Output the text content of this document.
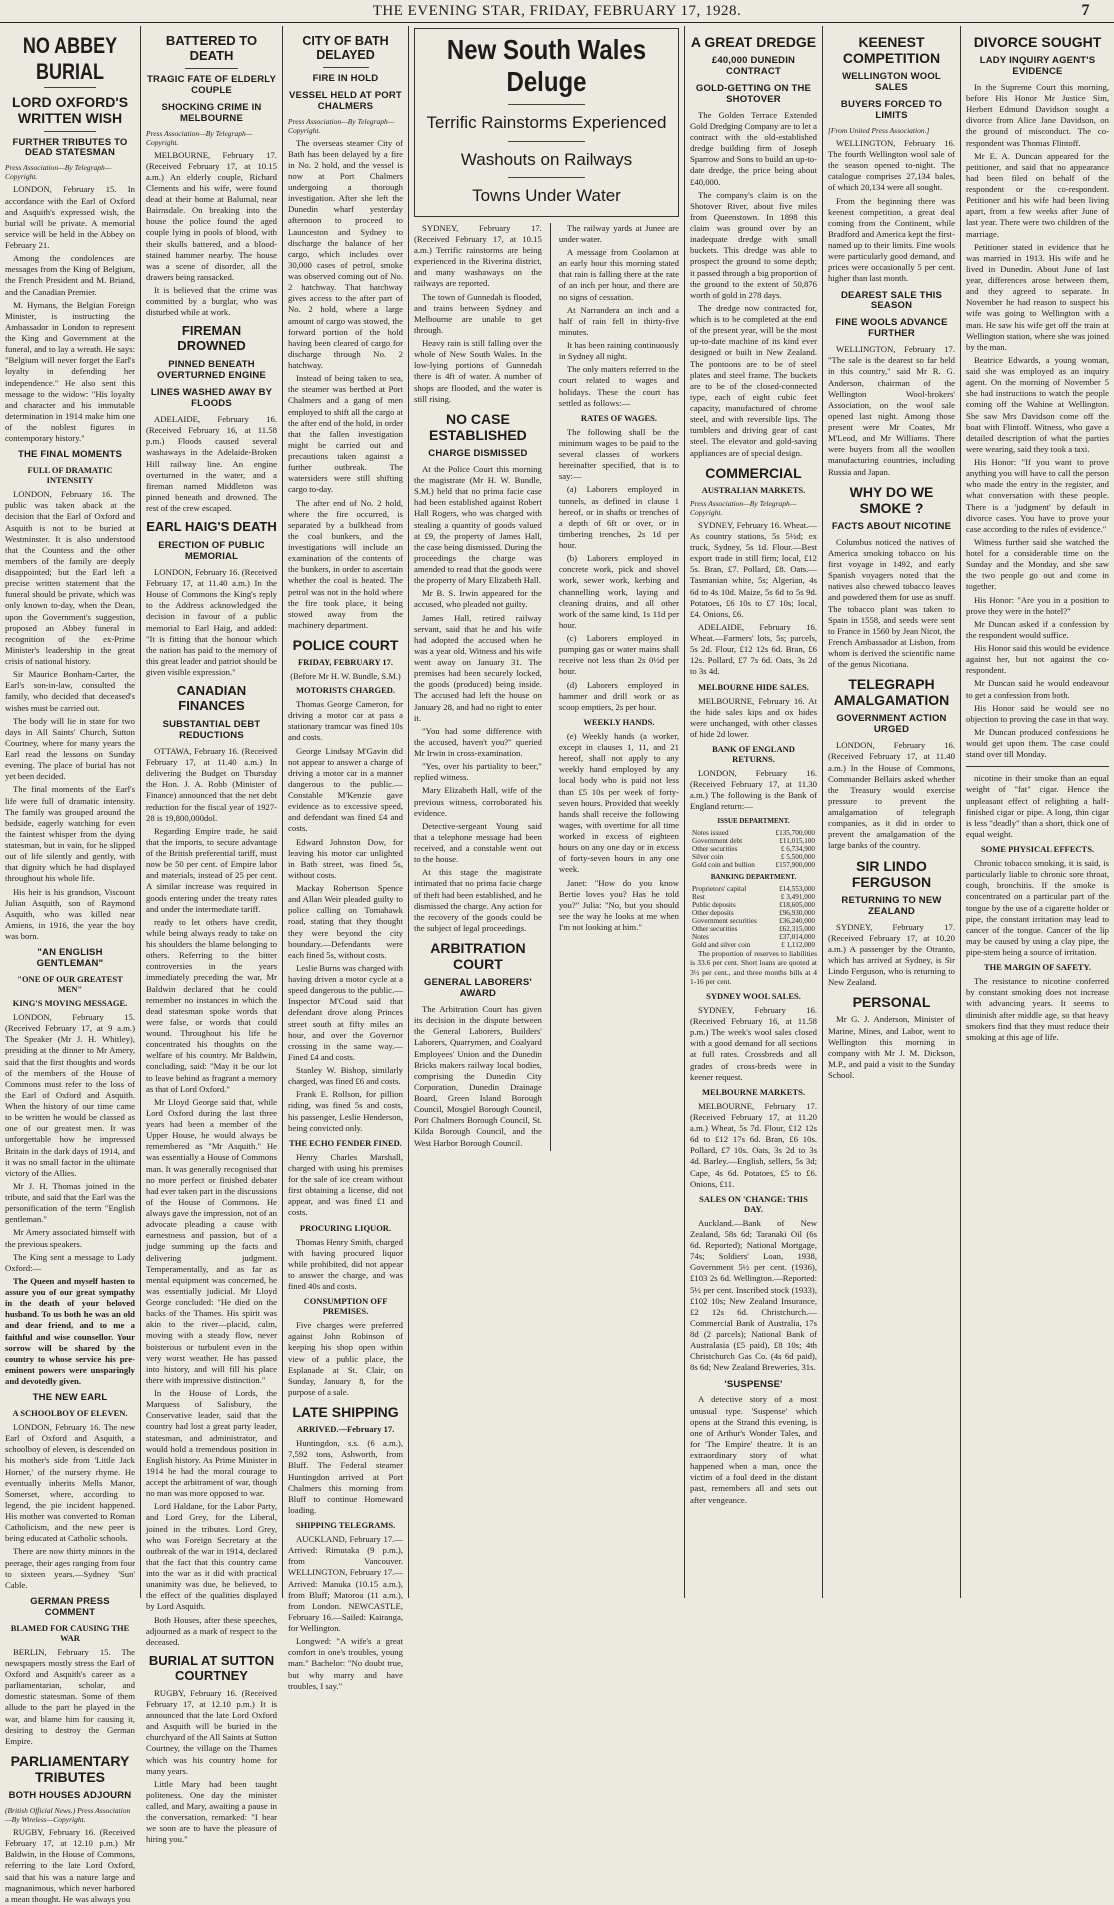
THE EVENING STAR, FRIDAY, FEBRUARY 17, 1928.	7
NO ABBEY BURIAL
LORD OXFORD'S WRITTEN WISH
FURTHER TRIBUTES TO DEAD STATESMAN
Press Association—By Telegraph—Copyright.

LONDON, February 15. In accordance with the Earl of Oxford and Asquith's expressed wish, the burial will be private. A memorial service will be held in the Abbey on February 21.

Among the condolences are messages from the King of Belgium, the French President and M. Briand, and the Canadian Premier.

M. Hymans, the Belgian Foreign Minister, is instructing the Ambassador in London to represent the King and Government at the funeral, and to lay a wreath. He says: "Belgium will never forget the Earl's loyalty in defending her independence." He also sent this message to the widow: "His loyalty and character and his immutable determination in 1914 make him one of the noblest figures in contemporary history."

THE FINAL MOMENTS
FULL OF DRAMATIC INTENSITY

LONDON, February 16. The public was taken aback at the decision that the Earl of Oxford and Asquith is not to be buried at Westminster. It is also understood that the Countess and the other members of the family are deeply disappointed; but the Earl left a precise written statement that the funeral should be private, which was only known to-day, when the Dean, upon the Government's suggestion, proposed an Abbey funeral in recognition of the ex-Prime Minister's leadership in the great crisis of national history.

Sir Maurice Bonham-Carter, the Earl's son-in-law, consulted the family, who decided that deceased's wishes must be carried out.

The body will lie in state for two days in All Saints' Church, Sutton Courtney, where for many years the Earl read the lessons on Sunday evening. The place of burial has not yet been decided.

The final moments of the Earl's life were full of dramatic intensity. The family was grouped around the bedside, eagerly watching for even the faintest whisper from the dying statesman, but in vain, for he slipped out of life silently and gently, with that dignity which he had displayed throughout his whole life.

His heir is his grandson, Viscount Julian Asquith, son of Raymond Asquith, who was killed near Amiens, in 1916, the year the boy was born.

"AN ENGLISH GENTLEMAN"
"ONE OF OUR GREATEST MEN"
KING'S MOVING MESSAGE.

LONDON, February 15. (Received February 17, at 9 a.m.) The Speaker (Mr J. H. Whitley), presiding at the dinner to Mr Amery, said that the first thoughts and words of the members of the House of Commons must refer to the loss of the Earl of Oxford and Asquith. When the history of our time came to be written he would be classed as one of our greatest men. It was unforgettable how he impressed Britain in the dark days of 1914, and it was no small factor in the ultimate victory of the Allies.

Mr J. H. Thomas joined in the tribute, and said that the Earl was the personification of the term "English gentleman."

Mr Amery associated himself with the previous speakers.

The King sent a message to Lady Oxford:—

The Queen and myself hasten to assure you of our great sympathy in the death of your beloved husband. To us both he was an old and dear friend, and to me a faithful and wise counsellor. Your sorrow will be shared by the country to whose service his pre-eminent powers were unsparingly and devotedly given.

THE NEW EARL
A SCHOOLBOY OF ELEVEN.

LONDON, February 16. The new Earl of Oxford and Asquith, a schoolboy of eleven, is descended on his mother's side from 'Little Jack Horner,' of the nursery rhyme. He eventually inherits Mells Manor, Somerset, where, according to legend, the pie incident happened. His mother was converted to Roman Catholicism, and the new peer is being educated at Catholic schools.

There are now thirty minors in the peerage, their ages ranging from four to sixteen years.—Sydney 'Sun' Cable.

GERMAN PRESS COMMENT
BLAMED FOR CAUSING THE WAR

BERLIN, February 15. The newspapers mostly stress the Earl of Oxford and Asquith's career as a parliamentarian, scholar, and domestic statesman. Some of them allude to the part he played in the war, and blame him for causing it, desiring to destroy the German Empire.

PARLIAMENTARY TRIBUTES
BOTH HOUSES ADJOURN
(British Official News.) Press Association—By Wireless—Copyright.

RUGBY, February 16. (Received February 17, at 12.10 p.m.) Mr Baldwin, in the House of Commons, referring to the late Lord Oxford, said that his was a nature large and magnanimous, which never harbored a mean thought. He was always you

BATTERED TO DEATH
TRAGIC FATE OF ELDERLY COUPLE
SHOCKING CRIME IN MELBOURNE
Press Association—By Telegraph—Copyright.

MELBOURNE, February 17. (Received February 17, at 10.15 a.m.) An elderly couple, Richard Clements and his wife, were found dead at their home at Balumal, near Bairnsdale. On breaking into the house the police found the aged couple lying in pools of blood, with their skulls battered, and a blood-stained hammer nearby. The house was a scene of disorder, all the drawers being ransacked.

It is believed that the crime was committed by a burglar, who was disturbed while at work.

FIREMAN DROWNED
PINNED BENEATH OVERTURNED ENGINE
LINES WASHED AWAY BY FLOODS

ADELAIDE, February 16. (Received February 16, at 11.58 p.m.) Floods caused several washaways in the Adelaide-Broken Hill railway line. An engine overturned in the water, and a fireman named Middleton was pinned beneath and drowned. The rest of the crew escaped.

EARL HAIG'S DEATH
ERECTION OF PUBLIC MEMORIAL

LONDON, February 16. (Received February 17, at 11.40 a.m.) In the House of Commons the King's reply to the Address acknowledged the decision in favour of a public memorial to Earl Haig, and added: "It is fitting that the honour which the nation has paid to the memory of this great leader and patriot should be given visible expression."

CANADIAN FINANCES
SUBSTANTIAL DEBT REDUCTIONS

OTTAWA, February 16. (Received February 17, at 11.40 a.m.) In delivering the Budget on Thursday the Hon. J. A. Robb (Minister of Finance) announced that the net debt reduction for the fiscal year of 1927-28 is 19,800,000dol.

Regarding Empire trade, he said that the imports, to secure advantage of the British preferential tariff, must now be 50 per cent. of Empire labor and materials, instead of 25 per cent. A similar increase was required in goods entering under the treaty rates and under the intermediate tariff.

ready to let others have credit, while being always ready to take on his shoulders the blame belonging to others. Referring to the bitter controversies in the years immediately preceding the war, Mr Baldwin declared that he could remember no instances in which the dead statesman spoke words that were false, or words that could wound. Throughout his life he concentrated his thoughts on the welfare of his country. Mr Baldwin, concluding, said: "May it be our lot to leave behind as fragrant a memory as that of Lord Oxford."

Mr Lloyd George said that, while Lord Oxford during the last three years had been a member of the Upper House, he would always be remembered as "Mr Asquith." He was essentially a House of Commons man. It was generally recognised that no more perfect or finished debater had ever taken part in the discussions of the House of Commons. He always gave the impression, not of an advocate pleading a cause with earnestness and passion, but of a judge summing up the facts and delivering judgment. Temperamentally, and as far as mental equipment was concerned, he was essentially judicial. Mr Lloyd George concluded: "He died on the backs of the Thames. His spirit was akin to the river—placid, calm, moving with a steady flow, never boisterous or turbulent even in the very worst weather. He has passed into history, and will fill his place there with impressive distinction."

In the House of Lords, the Marquess of Salisbury, the Conservative leader, said that the country had lost a great party leader, statesman, and administrator, and would hold a tremendous position in English history. As Prime Minister in 1914 he had the moral courage to accept the arbitrament of war, though no man was more opposed to war.

Lord Haldane, for the Labor Party, and Lord Grey, for the Liberal, joined in the tributes. Lord Grey, who was Foreign Secretary at the outbreak of the war in 1914, declared that the fact that this country came into the war as it did with practical unanimity was due, he believed, to the effect of the qualities displayed by Lord Asquith.

Both Houses, after these speeches, adjourned as a mark of respect to the deceased.

BURIAL AT SUTTON COURTNEY

RUGBY, February 16. (Received February 17, at 12.10 p.m.) It is announced that the late Lord Oxford and Asquith will be buried in the churchyard of the All Saints at Sutton Courtney, the village on the Thames which was his country home for many years.

Little Mary had been taught politeness. One day the minister called, and Mary, awaiting a pause in the conversation, remarked: "I hear we soon are to have the pleasure of hiring you."

CITY OF BATH DELAYED
FIRE IN HOLD
VESSEL HELD AT PORT CHALMERS
Press Association—By Telegraph—Copyright.

The overseas steamer City of Bath has been delayed by a fire in No. 2 hold, and the vessel is now at Port Chalmers undergoing a thorough investigation. After she left the Dunedin wharf yesterday afternoon to proceed to Launceston and Sydney to discharge the balance of her cargo, which includes over 30,000 cases of petrol, smoke was observed coming out of No. 2 hatchway. That hatchway gives access to the after part of No. 2 hold, where a large amount of cargo was stowed, the forward portion of the hold having been cleared of cargo for discharge through No. 2 hatchway.

Instead of being taken to sea, the steamer was berthed at Port Chalmers and a gang of men employed to shift all the cargo at the after end of the hold, in order that the fallen investigation might be carried out and precautions taken against a further outbreak. The watersiders were still shifting cargo to-day.

The after end of No. 2 hold, where the fire occurred, is separated by a bulkhead from the coal bunkers, and the investigations will include an examination of the contents of the bunkers, in order to ascertain whether the coal is heated. The petrol was not in the hold where the fire took place, it being stowed away from the machinery department.

POLICE COURT
FRIDAY, FEBRUARY 17.
(Before Mr H. W. Bundle, S.M.)
MOTORISTS CHARGED.

Thomas George Cameron, for driving a motor car at pass a stationary tramcar was fined 10s and costs.

George Lindsay M'Gavin did not appear to answer a charge of driving a motor car in a manner dangerous to the public.—Constable M'Kenzie gave evidence as to excessive speed, and defendant was fined £4 and costs.

Edward Johnston Dow, for leaving his motor car unlighted in Bath street, was fined 5s, without costs.

Mackay Robertson Spence and Allan Weir pleaded guilty to police calling on Tomahawk road, stating that they thought they were beyond the city boundary.—Defendants were each fined 5s, without costs.

Leslie Burns was charged with having driven a motor cycle at a speed dangerous to the public.—Inspector M'Coud said that defendant drove along Princes street south at fifty miles an hour, and over the Governor crossing in the same way.—Fined £4 and costs.

Stanley W. Bishop, similarly charged, was fined £6 and costs.

Frank E. Rollson, for pillion riding, was fined 5s and costs, his passenger, Leslie Henderson, being convicted only.

THE ECHO FENDER FINED.

Henry Charles Marshall, charged with using his premises for the sale of ice cream without first obtaining a license, did not appear, and was fined £1 and costs.

PROCURING LIQUOR.

Thomas Henry Smith, charged with having procured liquor while prohibited, did not appear to answer the charge, and was fined 40s and costs.

CONSUMPTION OFF PREMISES.

Five charges were preferred against John Robinson of keeping his shop open within view of a public place, the Esplanade at St. Clair, on Sunday, January 8, for the purpose of a sale.

LATE SHIPPING
ARRIVED.—February 17.

Huntingdon, s.s. (6 a.m.), 7,592 tons, Ashworth, from Bluff. The Federal steamer Huntingdon arrived at Port Chalmers this morning from Bluff to continue Homeward loading.

SHIPPING TELEGRAMS.

AUCKLAND, February 17.—Arrived: Rimutaka (9 p.m.), from Vancouver. WELLINGTON, February 17.—Arrived: Manuka (10.15 a.m.), from Bluff; Matoroa (11 a.m.), from London. NEWCASTLE, February 16.—Sailed: Kairanga, for Wellington.

Longwed: "A wife's a great comfort in one's troubles, young man." Bachelor: "No doubt true, but why marry and have troubles, I say."

New South Wales Deluge
Terrific Rainstorms Experienced
Washouts on Railways
Towns Under Water

SYDNEY, February 17. (Received February 17, at 10.15 a.m.) Terrific rainstorms are being experienced in the Riverina district, and many washaways on the railways are reported.

The town of Gunnedah is flooded, and trains between Sydney and Melbourne are unable to get through.

Heavy rain is still falling over the whole of New South Wales. In the low-lying portions of Gunnedah there is 4ft of water. A number of shops are flooded, and the water is still rising.

NO CASE ESTABLISHED
CHARGE DISMISSED

At the Police Court this morning the magistrate (Mr H. W. Bundle, S.M.) held that no prima facie case had been established against Robert Hall Rogers, who was charged with stealing a quantity of goods valued at £9, the property of James Hall, the case being dismissed. During the proceedings the charge was amended to read that the goods were the property of Mary Elizabeth Hall.

Mr B. S. Irwin appeared for the accused, who pleaded not guilty.

James Hall, retired railway servant, said that he and his wife had adopted the accused when he was a year old. Witness and his wife went away on January 31. The premises had been securely locked, the goods (produced) being inside. The accused had left the house on January 28, and had no right to enter it.

"You had some difference with the accused, haven't you?" queried Mr Irwin in cross-examination.

"Yes, over his partiality to beer," replied witness.

Mary Elizabeth Hall, wife of the previous witness, corroborated his evidence.

Detective-sergeant Young said that a telephone message had been received, and a constable went out to the house.

At this stage the magistrate intimated that no prima facie charge of theft had been established, and he dismissed the charge. Any action for the recovery of the goods could be the subject of legal proceedings.

ARBITRATION COURT
GENERAL LABORERS' AWARD

The Arbitration Court has given its decision in the dispute between the General Laborers, Builders' Laborers, Quarrymen, and Coalyard Employees' Union and the Dunedin Bricks makers railway local bodies, comprising the Dunedin City Corporation, Dunedin Drainage Board, Green Island Borough Council, Mosgiel Borough Council, Port Chalmers Borough Council, St. Kilda Borough Council, and the West Harbor Borough Council.

The railway yards at Junee are under water.

A message from Coolamon at an early hour this morning stated that rain is falling there at the rate of an inch per hour, and there are no signs of cessation.

At Narrandera an inch and a half of rain fell in thirty-five minutes.

It has been raining continuously in Sydney all night.

The only matters referred to the court related to wages and holidays. These the court has settled as follows:—

RATES OF WAGES.

The following shall be the minimum wages to be paid to the several classes of workers hereinafter specified, that is to say:—

(a) Laborers employed in tunnels, as defined in clause 1 hereof, or in shafts or trenches of a depth of 6ft or over, or in timbering trenches, 2s 1d per hour.

(b) Laborers employed in concrete work, pick and shovel work, sewer work, kerbing and channelling work, laying and cleaning drains, and all other work of the same kind, 1s 11d per hour.

(c) Laborers employed in pumping gas or water mains shall receive not less than 2s 0½d per hour.

(d) Laborers employed in hammer and drill work or as scoop emptiers, 2s per hour.

WEEKLY HANDS.

(e) Weekly hands (a worker, except in clauses 1, 11, and 21 hereof, shall not apply to any weekly hand employed by any local body who is paid not less than £5 10s per week of forty-seven hours. Provided that weekly hands shall receive the following wages, with overtime for all time worked in excess of eighteen hours on any one day or in excess of forty-seven hours in any one week.

Janet: "How do you know Bertie loves you? Has he told you?" Julia: "No, but you should see the way he looks at me when I'm not looking at him."

A GREAT DREDGE
£40,000 DUNEDIN CONTRACT
GOLD-GETTING ON THE SHOTOVER

The Golden Terrace Extended Gold Dredging Company are to let a contract with the old-established dredge building firm of Joseph Sparrow and Sons to build an up-to-date dredge, the price being about £40,000.

The company's claim is on the Shotover River, about five miles from Queenstown. In 1898 this claim was ground over by an inadequate dredge with small buckets. This dredge was able to prospect the ground to some depth; it passed through a big proportion of the ground to the extent of 50,876 worth of gold in 278 days.

The dredge now contracted for, which is to be completed at the end of the present year, will be the most up-to-date machine of its kind ever designed or built in New Zealand. The pontoons are to be of steel plates and steel frame. The buckets are to be of the closed-connected type, each of eight cubic feet capacity, manufactured of chrome steel, and with reversible lips. The tumblers and driving gear of cast steel. The elevator and gold-saving appliances are of special design.

COMMERCIAL
AUSTRALIAN MARKETS.
Press Association—By Telegraph—Copyright.

SYDNEY, February 16. Wheat.—As country stations, 5s 5½d; ex truck, Sydney, 5s 1d. Flour.—Best export trade in still firm; local, £12 5s. Bran, £7. Pollard, £8. Oats.—Tasmanian white, 5s; Algerian, 4s 6d to 4s 10d. Maize, 5s 6d to 5s 9d. Potatoes, £6 10s to £7 10s; local, £4. Onions, £6.

ADELAIDE, February 16. Wheat.—Farmers' lots, 5s; parcels, 5s 2d. Flour, £12 12s 6d. Bran, £6 12s. Pollard, £7 7s 6d. Oats, 3s 2d to 3s 4d.

MELBOURNE HIDE SALES.

MELBOURNE, February 16. At the hide sales kips and ox hides were unchanged, with other classes of hide 2d lower.

BANK OF ENGLAND RETURNS.

LONDON, February 16. (Received February 17, at 11.30 a.m.) The following is the Bank of England return:—

ISSUE DEPARTMENT.
Notes issued	£135,700,000
Government debt	£11,015,100
Other securities	£ 6,734,900
Silver coin	£ 5,500,000
Gold coin and bullion	£157,900,000
BANKING DEPARTMENT.
Proprietors' capital	£14,553,000
Rest	£ 3,491,000
Public deposits	£18,605,000
Other deposits	£96,930,000
Government securities	£36,240,000
Other securities	£62,315,000
Notes	£37,014,000
Gold and silver coin	£ 1,112,000

The proportion of reserves to liabilities is 33.6 per cent. Short loans are quoted at 3½ per cent., and three months bills at 4 1-16 per cent.

SYDNEY WOOL SALES.

SYDNEY, February 16. (Received February 16, at 11.58 p.m.) The week's wool sales closed with a good demand for all sections at full rates. Crossbreds and all grades of cross-breds were in keener request.

MELBOURNE MARKETS.

MELBOURNE, February 17. (Received February 17, at 11.20 a.m.) Wheat, 5s 7d. Flour, £12 12s 6d to £12 17s 6d. Bran, £6 10s. Pollard, £7 10s. Oats, 3s 2d to 3s 4d. Barley.—English, sellers, 5s 3d; Cape, 4s 6d. Potatoes, £5 to £6. Onions, £11.

SALES ON 'CHANGE: THIS DAY.

Auckland.—Bank of New Zealand, 58s 6d; Taranaki Oil (6s 6d. Reported); National Mortgage, 74s; Soldiers' Loan, 1938, Government 5½ per cent. (1936), £103 2s 6d. Wellington.—Reported: 5½ per cent. Inscribed stock (1933), £102 10s; New Zealand Insurance, £2 12s 6d. Christchurch.—Commercial Bank of Australia, 17s 8d (2 parcels); National Bank of Australasia (£5 paid), £8 10s; 4th Christchurch Gas Co. (4s 6d paid), 8s 6d; New Zealand Breweries, 31s.

'SUSPENSE'

A detective story of a most unusual type. 'Suspense' which opens at the Strand this evening, is one of Arthur's Wonder Tales, and for 'The Empire' theatre. It is an extraordinary story of what happened when a man, once the victim of a foul deed in the distant past, remembers all and sets out after vengeance.

KEENEST COMPETITION
WELLINGTON WOOL SALES
BUYERS FORCED TO LIMITS
[From United Press Association.]

WELLINGTON, February 16. The fourth Wellington wool sale of the season opened to-night. The catalogue comprises 27,134 bales, of which 20,134 were all sought.

From the beginning there was keenest competition, a great deal coming from the Continent, while Bradford and America kept the first-named up to their limits. Fine wools were particularly good demand, and prices were occasionally 5 per cent. higher than last month.

DEAREST SALE THIS SEASON
FINE WOOLS ADVANCE FURTHER

WELLINGTON, February 17. "The sale is the dearest so far held in this country," said Mr R. G. Anderson, chairman of the Wellington Wool-brokers' Association, on the wool sale opened last night. Among those present were Mr Coates, Mr M'Leod, and Mr Williams. There were buyers from all the woollen manufacturing countries, including Russia and Japan.

WHY DO WE SMOKE ?
FACTS ABOUT NICOTINE

Columbus noticed the natives of America smoking tobacco on his first voyage in 1492, and early Spanish voyagers noted that the natives also chewed tobacco leaves and powdered them for use as snuff. The tobacco plant was taken to Spain in 1558, and seeds were sent to France in 1560 by Jean Nicot, the French Ambassador at Lisbon, from whom is derived the scientific name of the genus Nicotiana.

TELEGRAPH AMALGAMATION
GOVERNMENT ACTION URGED

LONDON, February 16. (Received February 17, at 11.40 a.m.) In the House of Commons, Commander Bellairs asked whether the Treasury would exercise pressure to prevent the amalgamation of telegraph companies, as it did in order to prevent the amalgamation of the large banks of the country.

SIR LINDO FERGUSON
RETURNING TO NEW ZEALAND

SYDNEY, February 17. (Received February 17, at 10.20 a.m.) A passenger by the Otranto, which has arrived at Sydney, is Sir Lindo Ferguson, who is returning to New Zealand.

PERSONAL

Mr G. J. Anderson, Minister of Marine, Mines, and Labor, went to Wellington this morning in company with Mr J. M. Dickson, M.P., and paid a visit to the Sunday School.

DIVORCE SOUGHT
LADY INQUIRY AGENT'S EVIDENCE

In the Supreme Court this morning, before His Honor Mr Justice Sim, Herbert Edmund Davidson sought a divorce from Alice Jane Davidson, on the ground of misconduct. The co-respondent was Thomas Flintoff.

Mr E. A. Duncan appeared for the petitioner, and said that no appearance had been filed on behalf of the respondent or the co-respondent. Petitioner and his wife had been living apart, from a few weeks after June of last year. There were two children of the marriage.

Petitioner stated in evidence that he was married in 1913. His wife and he lived in Dunedin. About June of last year, differences arose between them, and they agreed to separate. In November he had reason to suspect his wife was going to Wellington with a man. He saw his wife get off the train at Wellington station, where she was joined by the man.

Beatrice Edwards, a young woman, said she was employed as an inquiry agent. On the morning of November 5 she had instructions to watch the people coming off the Wahine at Wellington. She saw Mrs Davidson come off the boat with Flintoff. Witness, who gave a detailed description of what the parties were wearing, said they took a taxi.

His Honor: "If you want to prove anything you will have to call the person who made the entry in the register, and what conversation with these people. There is a 'judgment' by default in divorce cases. You have to prove your case according to the rules of evidence."

Witness further said she watched the hotel for a considerable time on the Sunday and the Monday, and she saw the two people go out and come in together.

His Honor: "Are you in a position to prove they were in the hotel?"

Mr Duncan asked if a confession by the respondent would suffice.

His Honor said this would be evidence against her, but not against the co-respondent.

Mr Duncan said he would endeavour to get a confession from both.

His Honor said he would see no objection to proving the case in that way.

Mr Duncan produced confessions he would get upon them. The case could stand over till Monday.

nicotine in their smoke than an equal weight of "fat" cigar. Hence the unpleasant effect of relighting a half-finished cigar or pipe. A long, thin cigar is less "deadly" than a short, thick one of equal weight.

SOME PHYSICAL EFFECTS.

Chronic tobacco smoking, it is said, is particularly liable to chronic sore throat, cough, bronchitis. If the smoke is concentrated on a particular part of the tongue by the use of a cigarette holder or pipe, the constant irritation may lead to cancer of the tongue. Cancer of the lip may be caused by using a clay pipe, the pipe-stem being a source of irritation.

THE MARGIN OF SAFETY.

The resistance to nicotine conferred by constant smoking does not increase with advancing years. It seems to diminish after middle age, so that heavy smokers find that they must reduce their smoking at this age of life.
